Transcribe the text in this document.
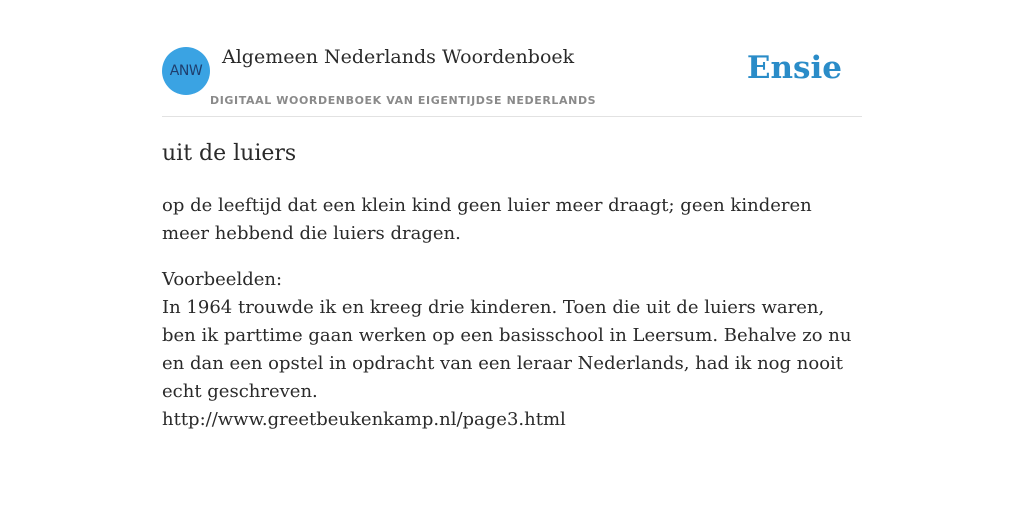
ANW
Algemeen Nederlands Woordenboek
DIGITAAL WOORDENBOEK VAN EIGENTIJDSE NEDERLANDS
Ensie
uit de luiers

op de leeftijd dat een klein kind geen luier meer draagt; geen kinderen meer hebbend die luiers dragen.

Voorbeelden:
In 1964 trouwde ik en kreeg drie kinderen. Toen die uit de luiers waren, ben ik parttime gaan werken op een basisschool in Leersum. Behalve zo nu en dan een opstel in opdracht van een leraar Nederlands, had ik nog nooit echt geschreven.
http://www.greetbeukenkamp.nl/page3.html
